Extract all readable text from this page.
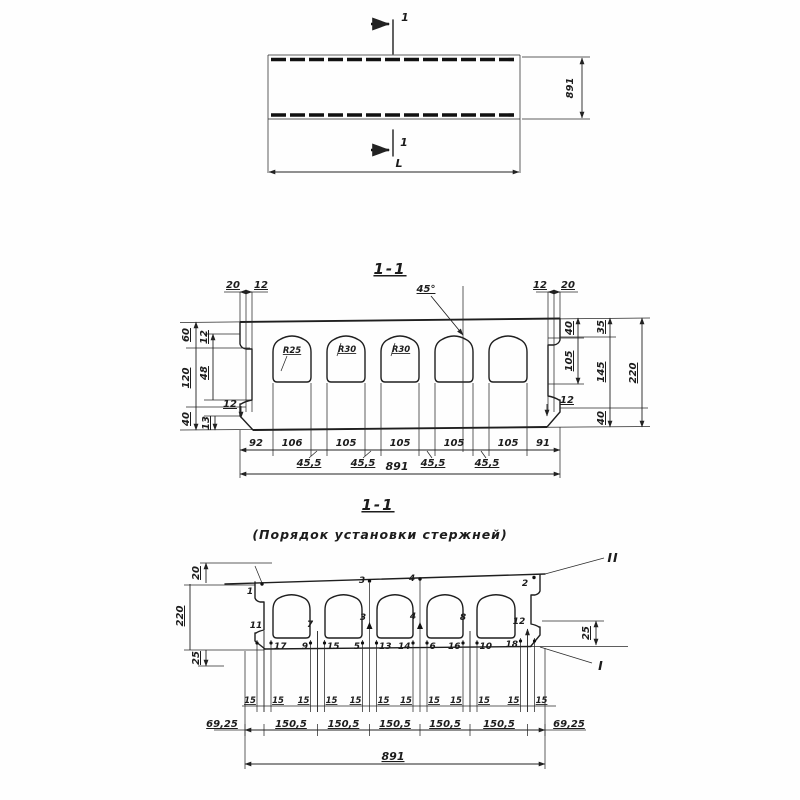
891
L
1
1
1-1
R25	R30	R30
45°
20 12	12 20
60
120
40
12
48
13
12	12
40
105
35
145
40
220
92 106	105	105	105	105 91
45,5	45,5	45,5	45,5
891
1-1
(Порядок установки стержней)
II
I
1
3	4	2
11	7
3	4	8	12
17 9 15 5 13 14 6 16 10 18
15 15 15 15 15 15 15 15 15 15 15 15
69,25	150,5 150,5 150,5 150,5 150,5	69,25
891
20
220
25
25
